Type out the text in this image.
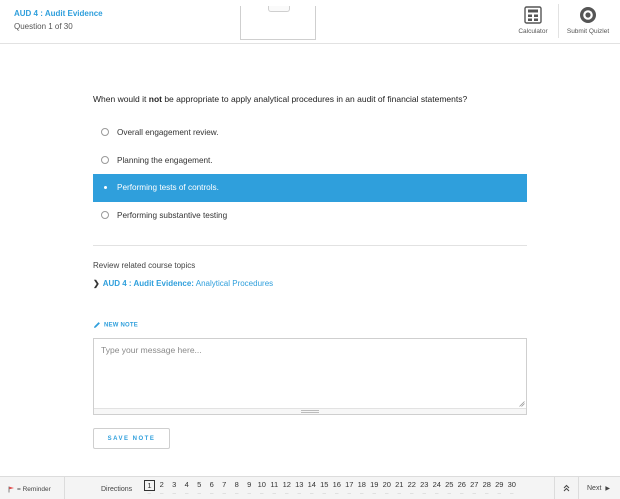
AUD 4 : Audit Evidence
Question 1 of 30
Calculator	Submit Quizlet
When would it not be appropriate to apply analytical procedures in an audit of financial statements?
Overall engagement review.
Planning the engagement.
Performing tests of controls.
Performing substantive testing
Review related course topics
❯ AUD 4 : Audit Evidence: Analytical Procedures
NEW NOTE
Type your message here...
SAVE NOTE
= Reminder	Directions	1
—
2
—
3
—
4
—
5
—
6
—
7
—
8
—
9
—
10
—
11
—
12
—
13
—
14
—
15
—
16
—
17
—
18
—
19
—
20
—
21
—
22
—
23
—
24
—
25
—
26
—
27
—
28
—
29
—
30
—
Next ▶
